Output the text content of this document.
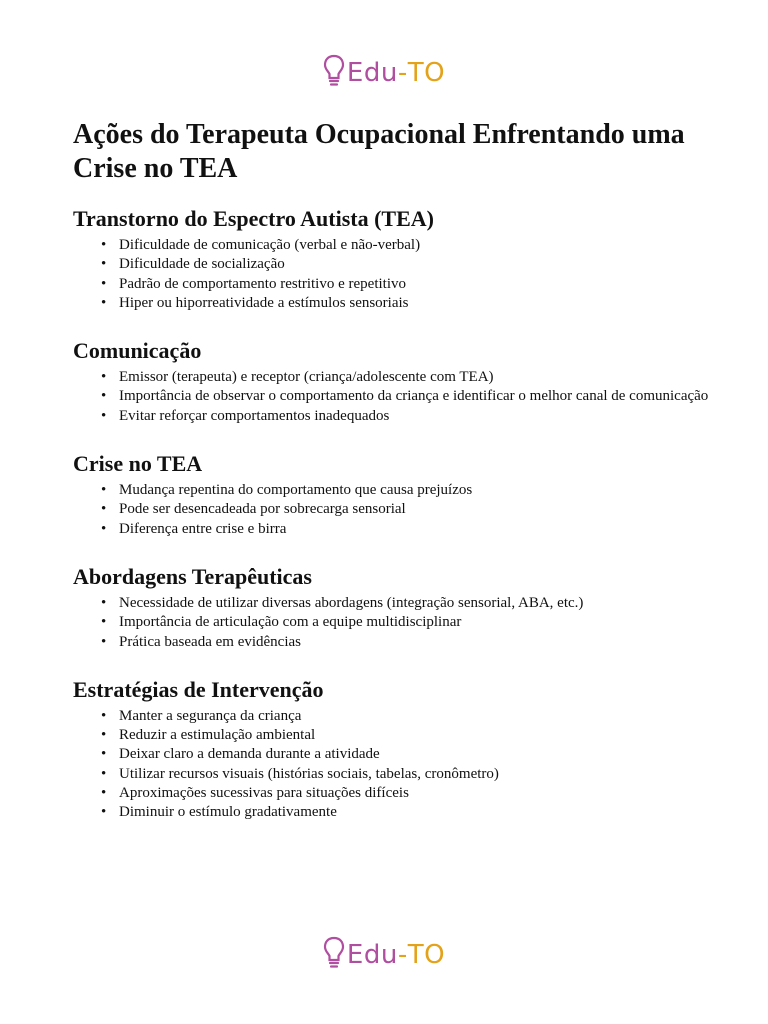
Edu - TO
Ações do Terapeuta Ocupacional Enfrentando uma Crise no TEA
Transtorno do Espectro Autista (TEA)
• Dificuldade de comunicação (verbal e não-verbal)
• Dificuldade de socialização
• Padrão de comportamento restritivo e repetitivo
• Hiper ou hiporreatividade a estímulos sensoriais
Comunicação
• Emissor (terapeuta) e receptor (criança/adolescente com TEA)
• Importância de observar o comportamento da criança e identificar o melhor canal de comunicação
• Evitar reforçar comportamentos inadequados
Crise no TEA
• Mudança repentina do comportamento que causa prejuízos
• Pode ser desencadeada por sobrecarga sensorial
• Diferença entre crise e birra
Abordagens Terapêuticas
• Necessidade de utilizar diversas abordagens (integração sensorial, ABA, etc.)
• Importância de articulação com a equipe multidisciplinar
• Prática baseada em evidências
Estratégias de Intervenção
• Manter a segurança da criança
• Reduzir a estimulação ambiental
• Deixar claro a demanda durante a atividade
• Utilizar recursos visuais (histórias sociais, tabelas, cronômetro)
• Aproximações sucessivas para situações difíceis
• Diminuir o estímulo gradativamente
Edu - TO
